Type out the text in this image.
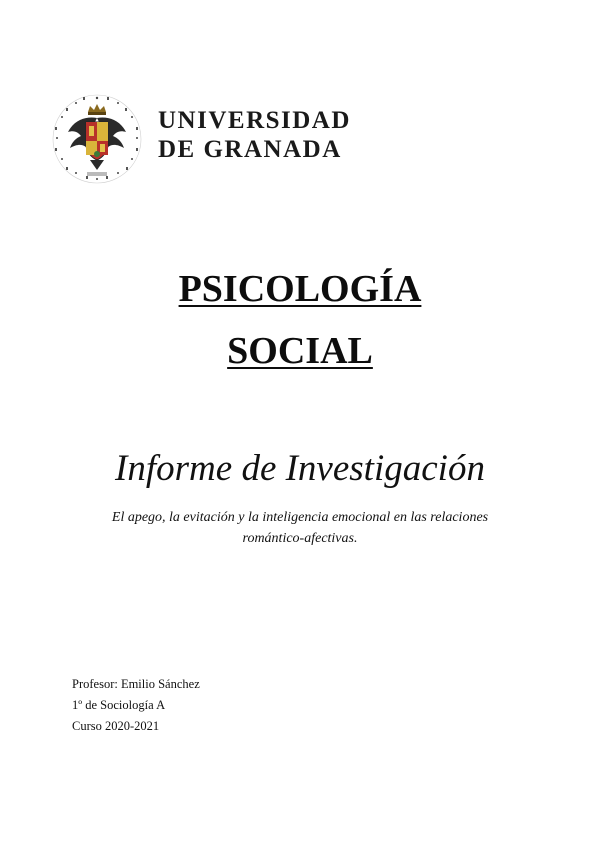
UNIVERSIDAD
DE GRANADA
PSICOLOGÍA
SOCIAL
Informe de Investigación
El apego, la evitación y la inteligencia emocional en las relaciones
romántico-afectivas.
Profesor: Emilio Sánchez
1º de Sociología A
Curso 2020-2021
